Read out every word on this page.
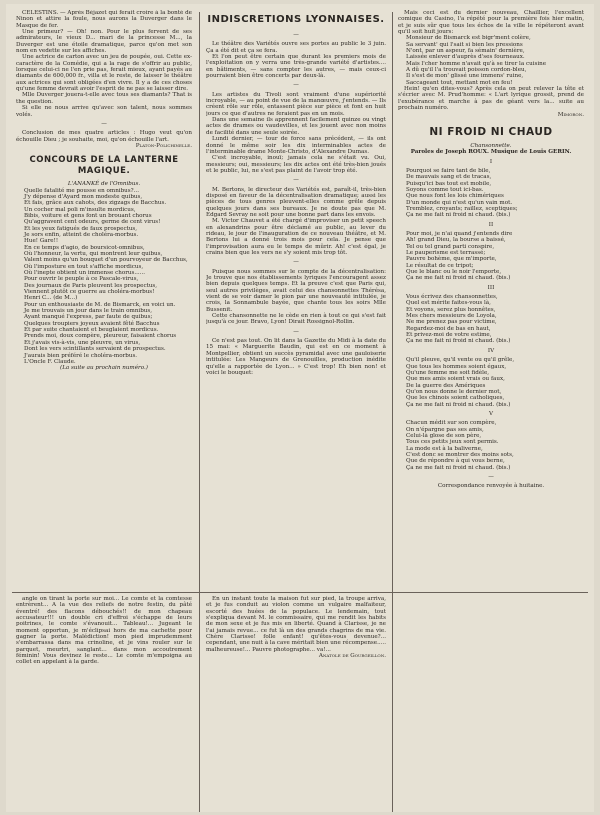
CELESTINS. — Après Béjazet qui ferait croire à la bonté de Ninon et attire la foule, nous aurons la Duverger dans le Masque de fer.

Une primeur? — Oh! non. Pour le plus fervent de ses admirateurs, le vieux D... mari de la princesse M..., la Duverger est une étoile dramatique, parce qu'on met son nom en vedette sur les affiches.

Une actrice de carton avec un jeu de poupée, oui. Cette ex-caractère de la Comédie, qui a la rage de s'offrir au public, lorsque celui-ci ne l'en prie pas, ferait mieux, ayant payés au diamants de 600,000 fr., villa et le reste, de laisser le théâtre aux actrices qui sont obligées d'en vivre. Il y a de ces choses qu'une femme devrait avoir l'esprit de ne pas se laisser dire.

Mlle Duverger jouera-t-elle avec tous ses diamants? That is the question.

Si elle ne nous arrive qu'avec son talent, nous sommes volés.

—

Conclusion de mes quatre articles : Hugo veut qu'on échouille Dieu ; je souhaite, moi, qu'on échouille l'art.

Platon-Polichinelle.

CONCOURS DE LA LANTERNE MAGIQUE.

L'ANANKÉ de l'Omnibus.

Quelle fatalité me pousse en omnibus?...

J'y dépense d'Ayard mon modeste quibus,

Et fais, grâce aux cahots, des zigzags de Bacchus.

Un cocher mal poli m'insulte mordicus,

Bibis, voiture et gens font un brouant chorus

Qu'aggravent cent odeurs, germe de cent virus!

Et les yeux fatigués de faux prospectus,

Je sors enfin, atteint de choléra-morbus.

Hue! Gare!!

En ce temps d'agio, de boursicot-omnibus,

Où l'honneur, la vertu, qui montrent leur quibus,

Valent moins qu'un bouquet d'un pourvoyeur de Bacchus,

Où l'imposture en tout s'affiche mordicus,

Où l'inepte obtient un immense chorus......

Pour ouvrir le peuple à ce Pascale-virus,

Des journaux de Paris pleuvent les prospectus,

Viennent plutôt ce guerre au choléra-morbus!

Henri C... (de M...)

Pour un enthousiaste de M. de Bismarck, en voici un.

Je me trouvais un jour dans le train omnibus,

Ayant manqué l'express, par faute de quibus;

Quelques troupiers joyeux avaient fêté Bacchus

Et par suite chantaient et beuglaient mordicus.

Prends moi, doux compère, pleureur, faisaient chorus

Et j'avais vis-à-vis, une pleuvre, un virus,

Dont les vers scintillants servaient de prospectus.

J'aurais bien préféré le choléra-morbus.

L'Oncle F. Claude.

(La suite au prochain numéro.)

INDISCRETIONS LYONNAISES.

—

Le théâtre des Variétés ouvre ses portes au public le 3 juin. Ça a été dit et ça se fera.

Et l'on peut être certain que durant les premiers mois de l'exploitation on y verra une très-grande variété d'artistes.... en bâtiments, — sans compter les autres, — mais ceux-ci pourraient bien être concerts par deux-là.

—

Les artistes du Tivoli sont vraiment d'une supériorité incroyable, — au point de vue de la manœuvre, j'entends. — Ils créent rôle sur rôle, entassent pièce sur pièce et font en huit jours ce que d'autres ne feraient pas en un mois.

Dans une semaine ils apprennent facilement quinze ou vingt actes de drames ou vaudevilles, et les jouent avec non moins de facilité dans une seule soirée.

Lundi dernier, — tour de force sans précédent, — ils ont donné le même soir les dix interminables actes de l'interminable drame Monte-Christo, d'Alexandre Dumas.

C'est incroyable, inouï; jamais cela ne s'était vu. Oui, messieurs; oui, messieurs; les dix actes ont été très-bien joués et le public, lui, ne s'est pas plaint de l'avoir trop été.

—

M. Bertons, le directeur des Variétés est, paraît-il, très-bien disposé en faveur de la décentralisation dramatique; aussi les pièces de tous genres pleuvent-elles comme grêle depuis quelques jours dans ses bureaux. Je ne doute pas que M. Edgard Sevray ne soit pour une bonne part dans les envois.

M. Victor Chauvet a été chargé d'improviser un petit speech en alexandrins pour être déclamé au public, au lever du rideau, le jour de l'inauguration de ce nouveau théâtre, et M. Bertons lui a donné trois mois pour cela. Je pense que l'improvisation aura eu le temps de mûrir. Ah! c'est égal, je crains bien que les vers ne s'y soient mis trop tôt.

—

Puisque nous sommes sur le compte de la décentralisation: Je trouve que nos établissements lyriques l'encouragent assez bien depuis quelques temps. Et la preuve c'est que Paris qui, seul autres privilèges, avait celui des chansonnettes Thérésa, vient de se voir damer le pion par une nouveauté intitulée, je crois, la Sonnambule bayée, que chante tous les soirs Mlle Bussenit.

Cette chansonnette ne le cède en rien à tout ce qui s'est fait jusqu'à ce jour. Bravo, Lyon! Dirait Rossignol-Rollin.

—

Ce n'est pas tout. On lit dans la Gazette du Midi à la date du 15 mai: « Marguerite Baudin, qui est en ce moment à Montpellier, obtient un succès pyramidal avec une gauloiserie intitulée: Les Mangeurs de Grenouilles, production inédite qu'elle a rapportée de Lyon... » C'est trop! Eh bien non! et voici le bouquet:

Mais ceci est du dernier nouveau, Chaillier, l'excellent comique du Casino, l'a répété pour la première fois hier matin, et je suis sûr que tous les échos de la ville le répéteront avant qu'il soit huit jours:

Monsieur de Bismarck est bigr'ment colère,

Sa servant' qui l'sait si bien les pressions

N'ont, par un aspeur, fa sémain' dernière,

Laissée enlever d'auprès d'ses fourneaux.

Mais l'cher homme n'avait qu'à se tirer la cuisine

A dû qu'il l'a trouvait poisson cordon-bleu,

Il s'est de mon' glissé une immens' ruine,

Saccageant tout, mettant mot en feu!

Hein! qu'en dites-vous? Après cela on peut relever la tête et s'écrier avec M. Prud'homme: « L'art lyrique grossit, prend de l'exubérance et marche à pas de géant vers la... suite au prochain numéro.

Mimoron.

NI FROID NI CHAUD

Chansonnette.

Paroles de Joseph ROUX. Musique de Louis GERIN.

I

Pourquoi se faire tant de bile,

De mauvais sang et de tracas,

Puisqu'ici bas tout est mobile,

Soyons comme tout ici-bas.

Que nous font les lois chimériques

D'un monde qui n'est qu'un vain mot.

Tremblez, croyants; raillez, sceptiques;

Ça ne me fait ni froid ni chaud. (bis.)

II

Pour moi, je n'ai quand j'entends dire

Ah! grand Dieu, la bourse a baissé,

Tel ou tel grand parti conspire,

Le pauperisme est terrassé;

Pauvre bohème, que m'importe,

Le résultat de ce tripot;

Que le blanc ou le noir l'emporte,

Ça ne me fait ni froid ni chaud. (bis.)

III

Vous écrivez des chansonnettes,

Quel est mérite faites-vous là,

Et voyons, serez plus honnêtes,

Mes chers messieurs de Loyola,

Ne me prenez pas pour victime,

Regardez-moi de bas en haut,

Et privez-moi de votre estime,

Ça ne me fait ni froid ni chaud. (bis.)

IV

Qu'il pleuve, qu'il vente ou qu'il grêle,

Que tous les hommes soient égaux,

Qu'une femme me soit fidèle,

Que mes amis soient vrais ou faux,

De la guerre des Amériques

Qu'on nous donne le dernier mot,

Que les chinois soient catholiques,

Ça ne me fait ni froid ni chaud. (bis.)

V

Chacun médit sur son compère,

On n'épargne pas ses amis,

Celui-là glose de son père,

Tous ces petits jeux sont permis.

La mode est à la baliverne,

C'est donc se montrer des moins sots,

Que de répondre à qui vous berne,

Ça ne me fait ni froid ni chaud. (bis.)

—

Correspondance renvoyée à huitaine.

angle on tirant la porte sur moi... Le comte et la comtesse entrèrent... A la vue des reliefs de notre festin, du pâté éventré! des flacons débouchés!! de mon chapeau accusateur!!! un double cri d'effroi s'échappe de leurs poitrines, le comte s'évanouit... Tableau!... Jugeant le moment opportun, je m'éclipsai hors de ma cachette pour gagner la porte. Malédiction! mon pied imprudemment s'embarrassa dans ma crinoline, et je vins rouler sur le parquet, meurtri, sanglant... dans mon accoutrement féminin! Vous devinez le reste... Le comte m'empoigna au collet en appelant à la garde.

En un instant toute la maison fut sur pied, la troupe arriva, et je fus conduit au violon comme un vulgaire malfaiteur, escorté des huées de la populace. Le lendemain, tout s'expliqua devant M. le commissaire, qui me rendit les habits de mon sexe et je fus mis en liberté. Quand à Clarisse, je ne l'ai jamais revue... ce fut là un des grands chagrins de ma vie. Chère Clarisse! folle enfant! qu'êtes-vous devenue?... cependant, une nuit à la cave méritait bien une récompense..... malheureuse!... Pauvre photographe... va!...

Anatole de Gourgeillon.
